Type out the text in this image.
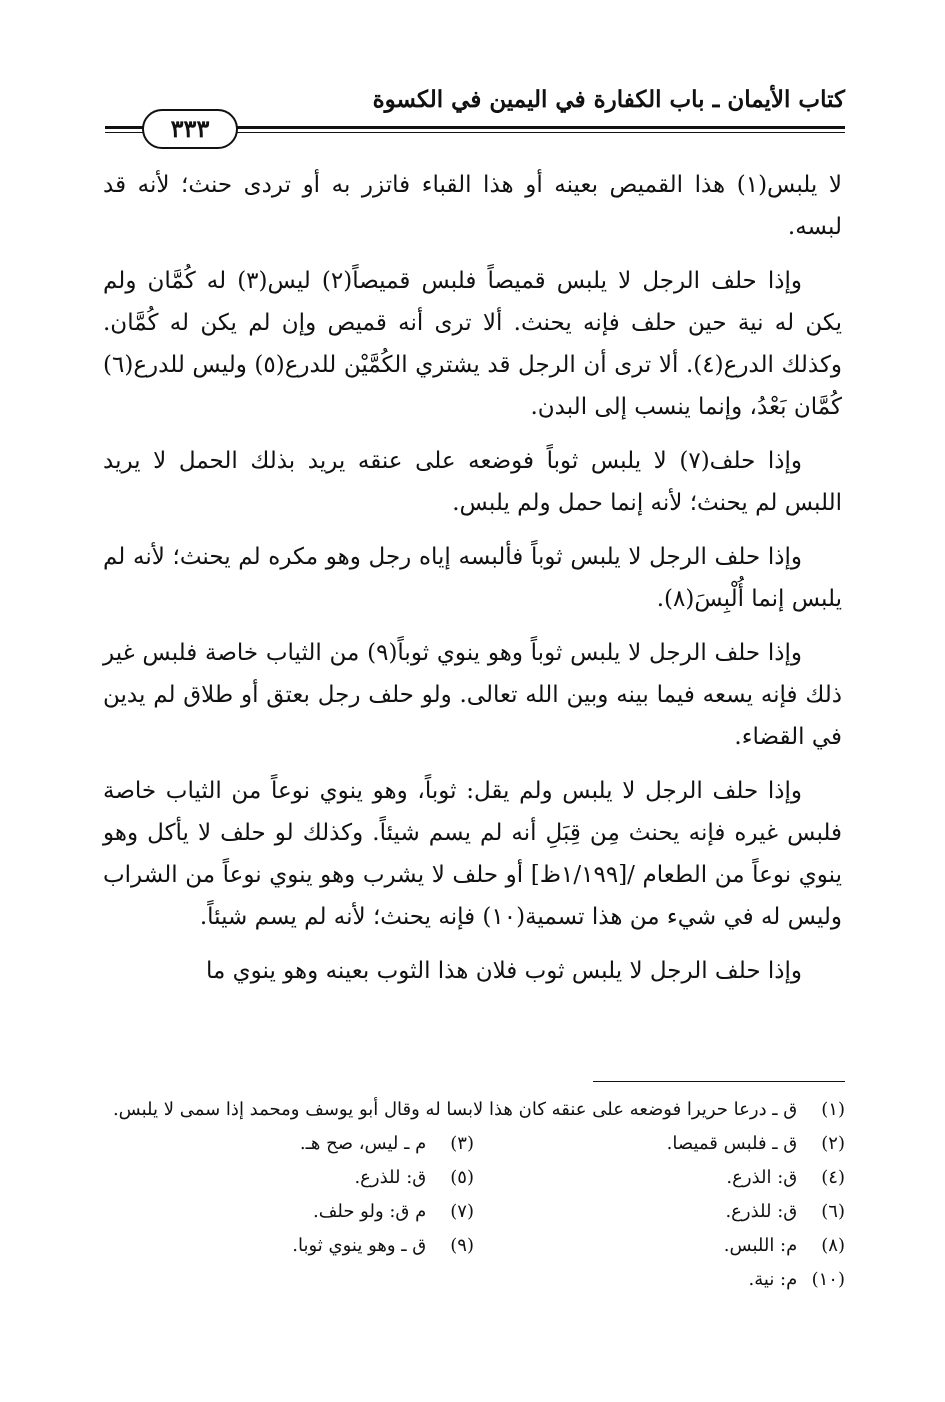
كتاب الأيمان ـ باب الكفارة في اليمين في الكسوة
٣٣٣

لا يلبس(١) هذا القميص بعينه أو هذا القباء فاتزر به أو تردى حنث؛ لأنه قد لبسه.

وإذا حلف الرجل لا يلبس قميصاً فلبس قميصاً(٢) ليس(٣) له كُمَّان ولم يكن له نية حين حلف فإنه يحنث. ألا ترى أنه قميص وإن لم يكن له كُمَّان. وكذلك الدرع(٤). ألا ترى أن الرجل قد يشتري الكُمَّيْن للدرع(٥) وليس للدرع(٦) كُمَّان بَعْدُ، وإنما ينسب إلى البدن.

وإذا حلف(٧) لا يلبس ثوباً فوضعه على عنقه يريد بذلك الحمل لا يريد اللبس لم يحنث؛ لأنه إنما حمل ولم يلبس.

وإذا حلف الرجل لا يلبس ثوباً فألبسه إياه رجل وهو مكره لم يحنث؛ لأنه لم يلبس إنما أُلْبِسَ(٨).

وإذا حلف الرجل لا يلبس ثوباً وهو ينوي ثوباً(٩) من الثياب خاصة فلبس غير ذلك فإنه يسعه فيما بينه وبين الله تعالى. ولو حلف رجل بعتق أو طلاق لم يدين في القضاء.

وإذا حلف الرجل لا يلبس ولم يقل: ثوباً، وهو ينوي نوعاً من الثياب خاصة فلبس غيره فإنه يحنث مِن قِبَلِ أنه لم يسم شيئاً. وكذلك لو حلف لا يأكل وهو ينوي نوعاً من الطعام /[١/١٩٩ظ] أو حلف لا يشرب وهو ينوي نوعاً من الشراب وليس له في شيء من هذا تسمية(١٠) فإنه يحنث؛ لأنه لم يسم شيئاً.

وإذا حلف الرجل لا يلبس ثوب فلان هذا الثوب بعينه وهو ينوي ما

(١) ق ـ درعا حريرا فوضعه على عنقه كان هذا لابسا له وقال أبو يوسف ومحمد إذا سمى لا يلبس.
(٢) ق ـ فلبس قميصا.
(٣) م ـ ليس، صح هـ.
(٤) ق: الذرع.
(٥) ق: للذرع.
(٦) ق: للذرع.
(٧) م ق: ولو حلف.
(٨) م: اللبس.
(٩) ق ـ وهو ينوي ثوبا.
(١٠) م: نية.
